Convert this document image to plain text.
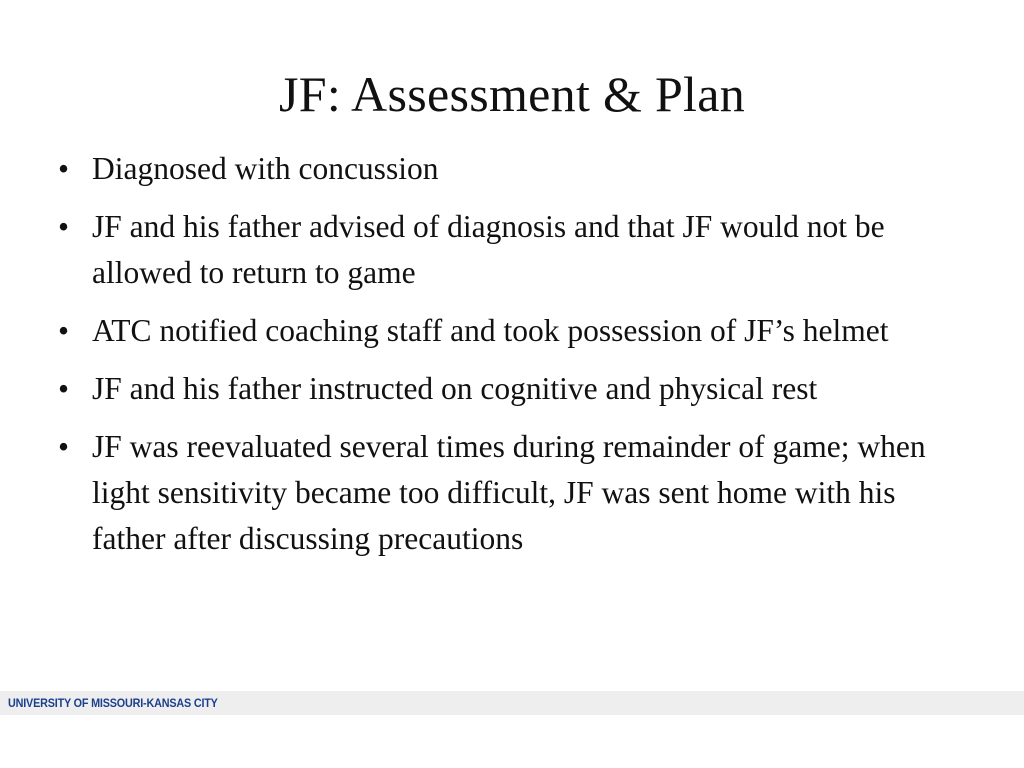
JF: Assessment & Plan
• Diagnosed with concussion
• JF and his father advised of diagnosis and that JF would not be allowed to return to game
• ATC notified coaching staff and took possession of JF’s helmet
• JF and his father instructed on cognitive and physical rest
• JF was reevaluated several times during remainder of game; when light sensitivity became too difficult, JF was sent home with his father after discussing precautions
UNIVERSITY OF MISSOURI-KANSAS CITY
